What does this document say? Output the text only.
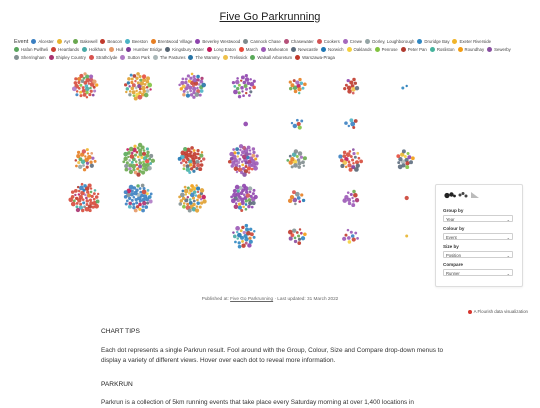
Five Go Parkrunning
Event Alcester Ayr Bakewell Beacon Beeston Brentwood Village Beverley Westwood Cannock Chase Chasewater Cookers Crewe Dorley, Loughborough Druridge Bay Exeter RiversideHafan Pwllheli Heartlands Holkham Hull Humber Bridge Kingsbury Water Long Eaton March Markeaton Newcastle Norwich Oaklands Penrose Peter Pan Rosliston Roundhay SewerbySherringham Shipley Country Strathclyde Sutton Park The Pastures The Wammy Trelissick Walsall Arboretum Warszawa-Praga
Group by
Year	⌄
Colour by
Event	⌄
Size by
Position	⌄
Compare
Runner	⌄
Published at: Five Go Parkrunning · Last updated: 31 March 2022
A Flourish data visualization
CHART TIPS
Each dot represents a single Parkrun result. Fool around with the Group, Colour, Size and Compare drop-down menus to display a variety of different views. Hover over each dot to reveal more information.
PARKRUN
Parkrun is a collection of 5km running events that take place every Saturday morning at over 1,400 locations in
